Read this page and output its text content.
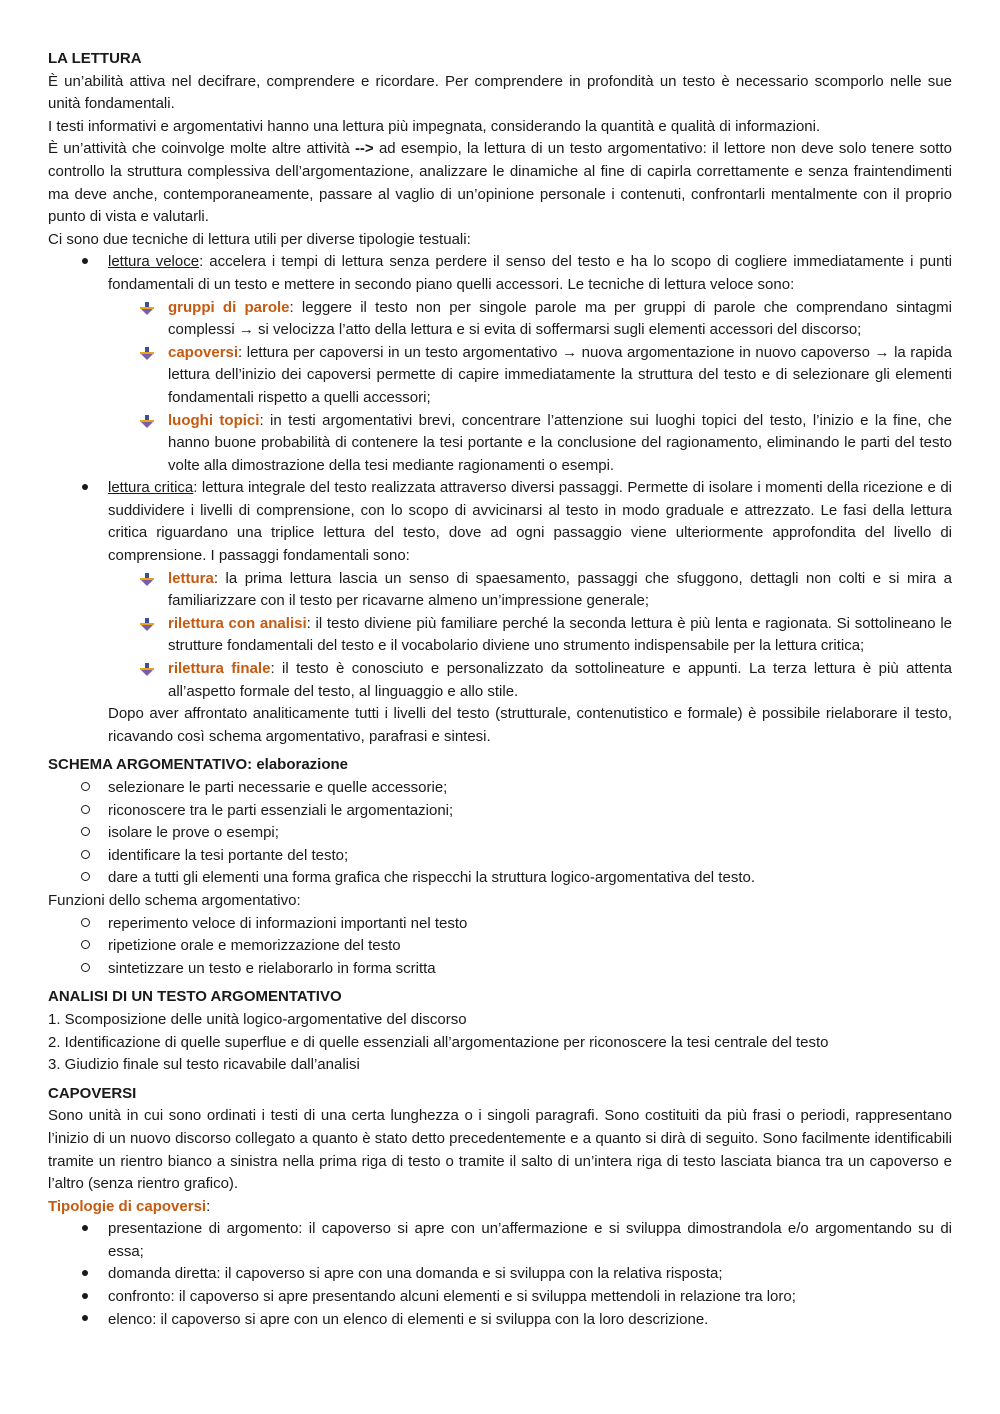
LA LETTURA

È un’abilità attiva nel decifrare, comprendere e ricordare. Per comprendere in profondità un testo è necessario scomporlo nelle sue unità fondamentali.

I testi informativi e argomentativi hanno una lettura più impegnata, considerando la quantità e qualità di informazioni.

È un’attività che coinvolge molte altre attività --> ad esempio, la lettura di un testo argomentativo: il lettore non deve solo tenere sotto controllo la struttura complessiva dell’argomentazione, analizzare le dinamiche al fine di capirla correttamente e senza fraintendimenti ma deve anche, contemporaneamente, passare al vaglio di un’opinione personale i contenuti, confrontarli mentalmente con il proprio punto di vista e valutarli.

Ci sono due tecniche di lettura utili per diverse tipologie testuali:

lettura veloce: accelera i tempi di lettura senza perdere il senso del testo e ha lo scopo di cogliere immediatamente i punti fondamentali di un testo e mettere in secondo piano quelli accessori. Le tecniche di lettura veloce sono:
gruppi di parole: leggere il testo non per singole parole ma per gruppi di parole che comprendano sintagmi complessi → si velocizza l’atto della lettura e si evita di soffermarsi sugli elementi accessori del discorso;
capoversi: lettura per capoversi in un testo argomentativo → nuova argomentazione in nuovo capoverso → la rapida lettura dell’inizio dei capoversi permette di capire immediatamente la struttura del testo e di selezionare gli elementi fondamentali rispetto a quelli accessori;
luoghi topici: in testi argomentativi brevi, concentrare l’attenzione sui luoghi topici del testo, l’inizio e la fine, che hanno buone probabilità di contenere la tesi portante e la conclusione del ragionamento, eliminando le parti del testo volte alla dimostrazione della tesi mediante ragionamenti o esempi.
lettura critica: lettura integrale del testo realizzata attraverso diversi passaggi. Permette di isolare i momenti della ricezione e di suddividere i livelli di comprensione, con lo scopo di avvicinarsi al testo in modo graduale e attrezzato. Le fasi della lettura critica riguardano una triplice lettura del testo, dove ad ogni passaggio viene ulteriormente approfondita del livello di comprensione. I passaggi fondamentali sono:
lettura: la prima lettura lascia un senso di spaesamento, passaggi che sfuggono, dettagli non colti e si mira a familiarizzare con il testo per ricavarne almeno un’impressione generale;
rilettura con analisi: il testo diviene più familiare perché la seconda lettura è più lenta e ragionata. Si sottolineano le strutture fondamentali del testo e il vocabolario diviene uno strumento indispensabile per la lettura critica;
rilettura finale: il testo è conosciuto e personalizzato da sottolineature e appunti. La terza lettura è più attenta all’aspetto formale del testo, al linguaggio e allo stile.

Dopo aver affrontato analiticamente tutti i livelli del testo (strutturale, contenutistico e formale) è possibile rielaborare il testo, ricavando così schema argomentativo, parafrasi e sintesi.

SCHEMA ARGOMENTATIVO: elaborazione

selezionare le parti necessarie e quelle accessorie;
riconoscere tra le parti essenziali le argomentazioni;
isolare le prove o esempi;
identificare la tesi portante del testo;
dare a tutti gli elementi una forma grafica che rispecchi la struttura logico-argomentativa del testo.

Funzioni dello schema argomentativo:

reperimento veloce di informazioni importanti nel testo
ripetizione orale e memorizzazione del testo
sintetizzare un testo e rielaborarlo in forma scritta

ANALISI DI UN TESTO ARGOMENTATIVO

1. Scomposizione delle unità logico-argomentative del discorso

2. Identificazione di quelle superflue e di quelle essenziali all’argomentazione per riconoscere la tesi centrale del testo

3. Giudizio finale sul testo ricavabile dall’analisi

CAPOVERSI

Sono unità in cui sono ordinati i testi di una certa lunghezza o i singoli paragrafi. Sono costituiti da più frasi o periodi, rappresentano l’inizio di un nuovo discorso collegato a quanto è stato detto precedentemente e a quanto si dirà di seguito. Sono facilmente identificabili tramite un rientro bianco a sinistra nella prima riga di testo o tramite il salto di un’intera riga di testo lasciata bianca tra un capoverso e l’altro (senza rientro grafico).

Tipologie di capoversi:

presentazione di argomento: il capoverso si apre con un’affermazione e si sviluppa dimostrandola e/o argomentando su di essa;
domanda diretta: il capoverso si apre con una domanda e si sviluppa con la relativa risposta;
confronto: il capoverso si apre presentando alcuni elementi e si sviluppa mettendoli in relazione tra loro;
elenco: il capoverso si apre con un elenco di elementi e si sviluppa con la loro descrizione.
